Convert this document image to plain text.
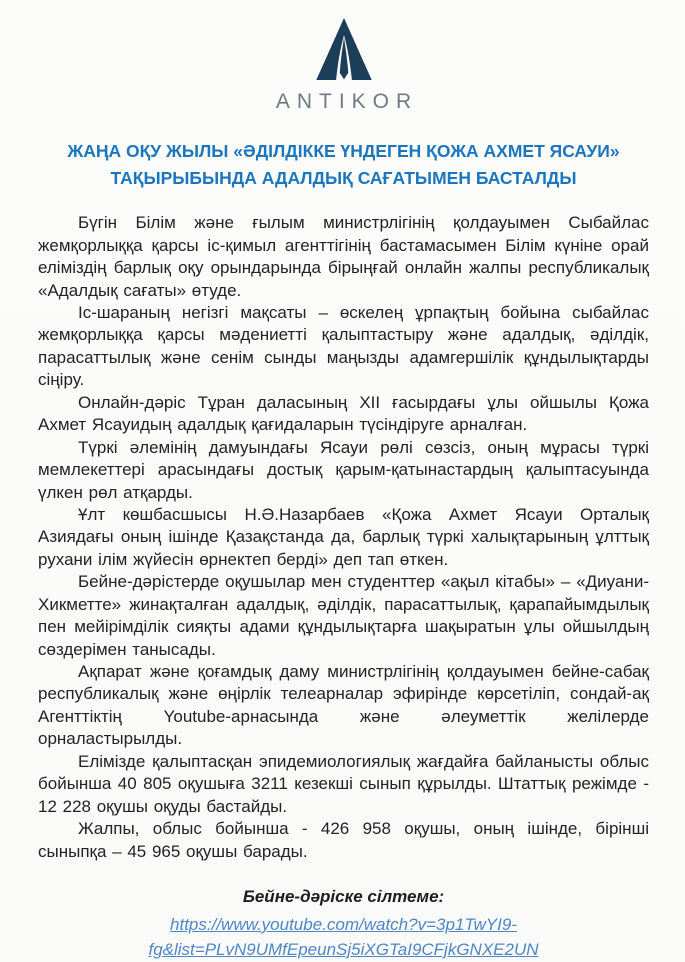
ANTIKOR
ЖАҢА ОҚУ ЖЫЛЫ «ӘДІЛДІККЕ ҮНДЕГЕН ҚОЖА АХМЕТ ЯСАУИ»
ТАҚЫРЫБЫНДА АДАЛДЫҚ САҒАТЫМЕН БАСТАЛДЫ

Бүгін Білім және ғылым министрлігінің қолдауымен Сыбайлас жемқорлыққа қарсы іс-қимыл агенттігінің бастамасымен Білім күніне орай еліміздің барлық оқу орындарында бірыңғай онлайн жалпы республикалық «Адалдық сағаты» өтуде.

Іс-шараның негізгі мақсаты – өскелең ұрпақтың бойына сыбайлас жемқорлыққа қарсы мәдениетті қалыптастыру және адалдық, әділдік, парасаттылық және сенім сынды маңызды адамгершілік құндылықтарды сіңіру.

Онлайн-дәріс Тұран даласының XII ғасырдағы ұлы ойшылы Қожа Ахмет Ясауидың адалдық қағидаларын түсіндіруге арналған.

Түркі әлемінің дамуындағы Ясауи рөлі сөзсіз, оның мұрасы түркі мемлекеттері арасындағы достық қарым-қатынастардың қалыптасуында үлкен рөл атқарды.

Ұлт көшбасшысы Н.Ә.Назарбаев «Қожа Ахмет Ясауи Орталық Азиядағы оның ішінде Қазақстанда да, барлық түркі халықтарының ұлттық рухани ілім жүйесін өрнектеп берді» деп тап өткен.

Бейне-дәрістерде оқушылар мен студенттер «ақыл кітабы» – «Диуани-Хикметте» жинақталған адалдық, әділдік, парасаттылық, қарапайымдылық пен мейірімділік сияқты адами құндылықтарға шақыратын ұлы ойшылдың сөздерімен танысады.

Ақпарат және қоғамдық даму министрлігінің қолдауымен бейне-сабақ республикалық және өңірлік телеарналар эфирінде көрсетіліп, сондай-ақ Агенттіктің Youtube-арнасында және әлеуметтік желілерде орналастырылды.

Елімізде қалыптасқан эпидемиологиялық жағдайға байланысты облыс бойынша 40 805 оқушыға 3211 кезекші сынып құрылды. Штаттық режімде - 12 228 оқушы оқуды бастайды.

Жалпы, облыс бойынша - 426 958 оқушы, оның ішінде, бірінші сыныпқа – 45 965 оқушы барады.

Бейне-дәріске сілтеме:
https://www.youtube.com/watch?v=3p1TwYI9-
fg&list=PLvN9UMfEpeunSj5iXGTaI9CFjkGNXE2UN
